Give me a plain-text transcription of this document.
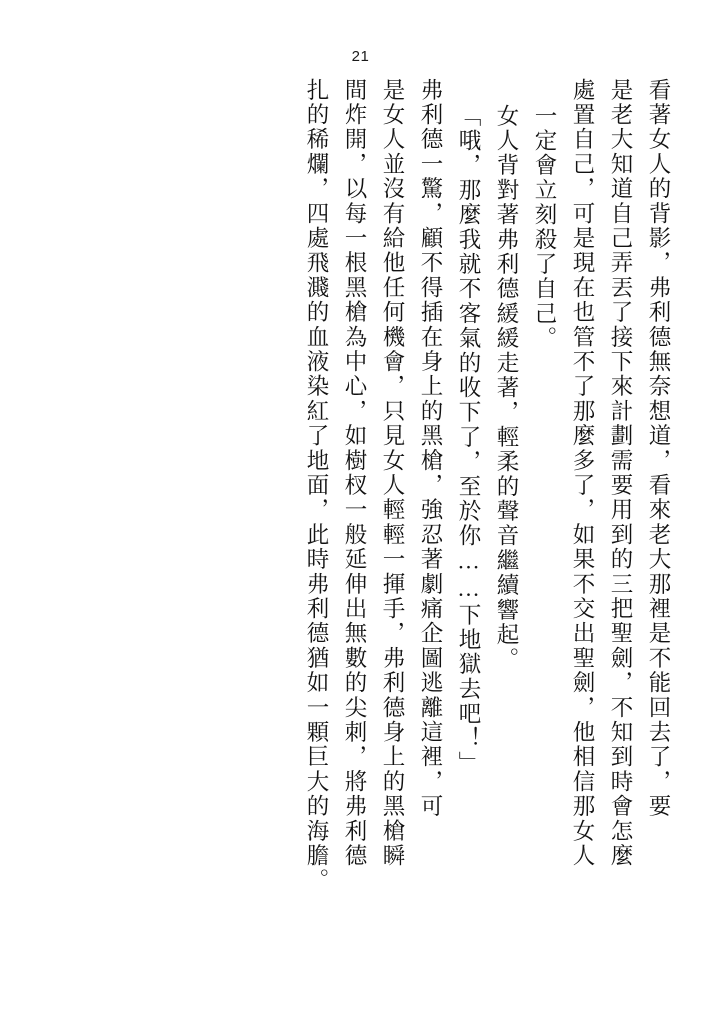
21
看著女人的背影，弗利德無奈想道，看來老大那裡是不能回去了，要
是老大知道自己弄丟了接下來計劃需要用到的三把聖劍，不知到時會怎麼
處置自己，可是現在也管不了那麼多了，如果不交出聖劍，他相信那女人
一定會立刻殺了自己。
女人背對著弗利德緩緩走著，輕柔的聲音繼續響起。
「哦，那麼我就不客氣的收下了，至於你……下地獄去吧！」
弗利德一驚，顧不得插在身上的黑槍，強忍著劇痛企圖逃離這裡，可
是女人並沒有給他任何機會，只見女人輕輕一揮手，弗利德身上的黑槍瞬
間炸開，以每一根黑槍為中心，如樹杈一般延伸出無數的尖刺，將弗利德
扎的稀爛，四處飛濺的血液染紅了地面，此時弗利德猶如一顆巨大的海膽。
